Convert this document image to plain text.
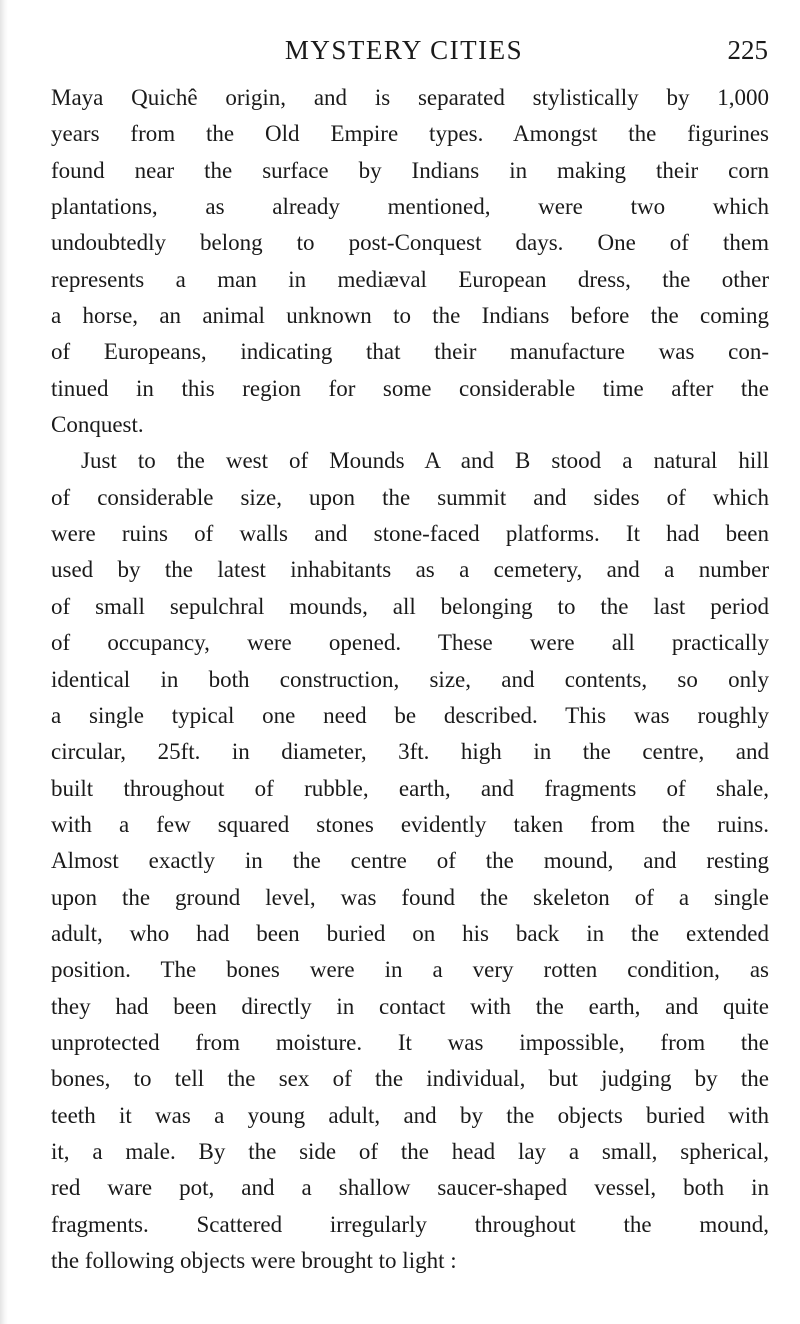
MYSTERY CITIES	225
Maya Quichê origin, and is separated stylistically by 1,000
years from the Old Empire types. Amongst the figurines
found near the surface by Indians in making their corn
plantations, as already mentioned, were two which
undoubtedly belong to post-Conquest days. One of them
represents a man in mediæval European dress, the other
a horse, an animal unknown to the Indians before the coming
of Europeans, indicating that their manufacture was con-
tinued in this region for some considerable time after the
Conquest.
Just to the west of Mounds A and B stood a natural hill
of considerable size, upon the summit and sides of which
were ruins of walls and stone-faced platforms. It had been
used by the latest inhabitants as a cemetery, and a number
of small sepulchral mounds, all belonging to the last period
of occupancy, were opened. These were all practically
identical in both construction, size, and contents, so only
a single typical one need be described. This was roughly
circular, 25ft. in diameter, 3ft. high in the centre, and
built throughout of rubble, earth, and fragments of shale,
with a few squared stones evidently taken from the ruins.
Almost exactly in the centre of the mound, and resting
upon the ground level, was found the skeleton of a single
adult, who had been buried on his back in the extended
position. The bones were in a very rotten condition, as
they had been directly in contact with the earth, and quite
unprotected from moisture. It was impossible, from the
bones, to tell the sex of the individual, but judging by the
teeth it was a young adult, and by the objects buried with
it, a male. By the side of the head lay a small, spherical,
red ware pot, and a shallow saucer-shaped vessel, both in
fragments. Scattered irregularly throughout the mound,
the following objects were brought to light :
